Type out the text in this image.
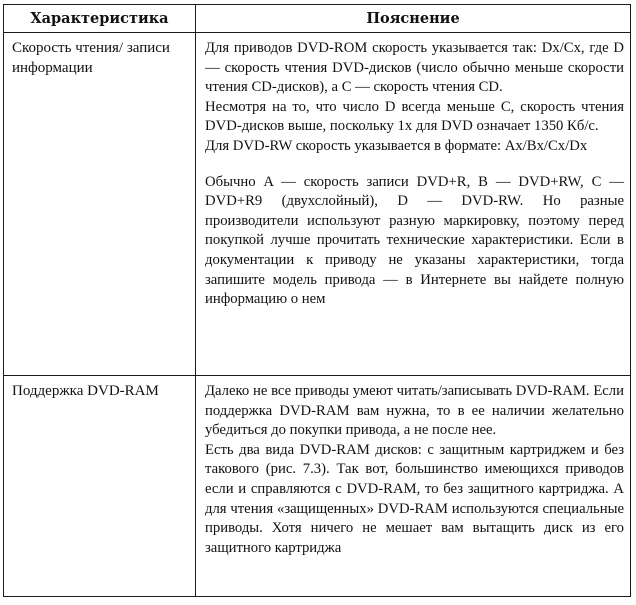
Характеристика	Пояснение
Скорость чтения/ записи информации	Для приводов DVD-ROM скорость указывается так: Dx/Cx, где D — скорость чтения DVD-дисков (число обычно меньше скорости чтения CD-дисков), а C — скорость чтения CD.

Несмотря на то, что число D всегда меньше C, скорость чтения DVD-дисков выше, поскольку 1x для DVD означает 1350 Кб/с.

Для DVD-RW скорость указывается в формате: Ax/Bx/Cx/Dx

Обычно A — скорость записи DVD+R, B — DVD+RW, C — DVD+R9 (двухслойный), D — DVD-RW. Но разные производители используют разную маркировку, поэтому перед покупкой лучше прочитать технические характеристики. Если в документации к приводу не указаны характеристики, тогда запишите модель привода — в Интернете вы найдете полную информацию о нем

Поддержка DVD-RAM	Далеко не все приводы умеют читать/записывать DVD-RAM. Если поддержка DVD-RAM вам нужна, то в ее наличии желательно убедиться до покупки привода, а не после нее.

Есть два вида DVD-RAM дисков: с защитным картриджем и без такового (рис. 7.3). Так вот, большинство имеющихся приводов если и справляются с DVD-RAM, то без защитного картриджа. А для чтения «защищенных» DVD-RAM используются специальные приводы. Хотя ничего не мешает вам вытащить диск из его защитного картриджа
